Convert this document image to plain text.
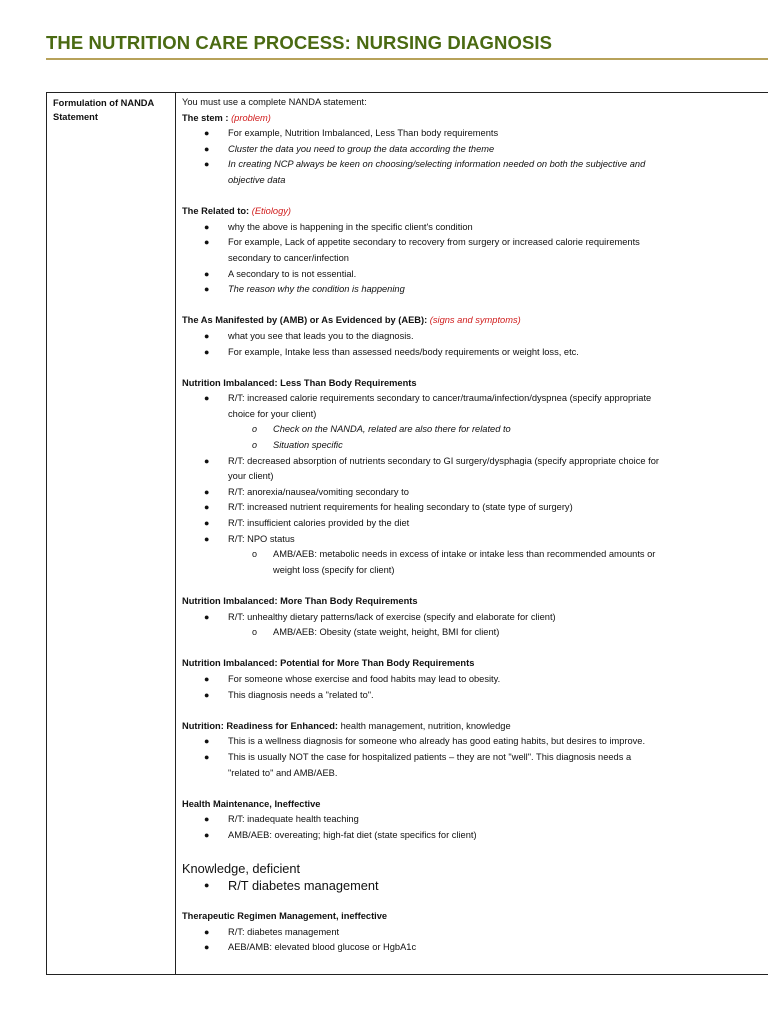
THE NUTRITION CARE PROCESS: NURSING DIAGNOSIS
Formulation of NANDA
Statement

You must use a complete NANDA statement:

The stem : (problem)

● For example, Nutrition Imbalanced, Less Than body requirements
● Cluster the data you need to group the data according the theme
● In creating NCP always be keen on choosing/selecting information needed on both the subjective and
objective data

The Related to: (Etiology)

● why the above is happening in the specific client's condition
● For example, Lack of appetite secondary to recovery from surgery or increased calorie requirements
secondary to cancer/infection
● A secondary to is not essential.
● The reason why the condition is happening

The As Manifested by (AMB) or As Evidenced by (AEB): (signs and symptoms)

● what you see that leads you to the diagnosis.
● For example, Intake less than assessed needs/body requirements or weight loss, etc.

Nutrition Imbalanced: Less Than Body Requirements

● R/T: increased calorie requirements secondary to cancer/trauma/infection/dyspnea (specify appropriate
choice for your client)
o Check on the NANDA, related are also there for related to
o Situation specific
● R/T: decreased absorption of nutrients secondary to GI surgery/dysphagia (specify appropriate choice for
your client)
● R/T: anorexia/nausea/vomiting secondary to
● R/T: increased nutrient requirements for healing secondary to (state type of surgery)
● R/T: insufficient calories provided by the diet
● R/T: NPO status
o AMB/AEB: metabolic needs in excess of intake or intake less than recommended amounts or
weight loss (specify for client)

Nutrition Imbalanced: More Than Body Requirements

● R/T: unhealthy dietary patterns/lack of exercise (specify and elaborate for client)
o AMB/AEB: Obesity (state weight, height, BMI for client)

Nutrition Imbalanced: Potential for More Than Body Requirements

● For someone whose exercise and food habits may lead to obesity.
● This diagnosis needs a "related to".

Nutrition: Readiness for Enhanced: health management, nutrition, knowledge

● This is a wellness diagnosis for someone who already has good eating habits, but desires to improve.
● This is usually NOT the case for hospitalized patients – they are not "well". This diagnosis needs a
"related to" and AMB/AEB.

Health Maintenance, Ineffective

● R/T: inadequate health teaching
● AMB/AEB: overeating; high-fat diet (state specifics for client)

Knowledge, deficient

● R/T diabetes management

Therapeutic Regimen Management, ineffective

● R/T: diabetes management
● AEB/AMB: elevated blood glucose or HgbA1c
